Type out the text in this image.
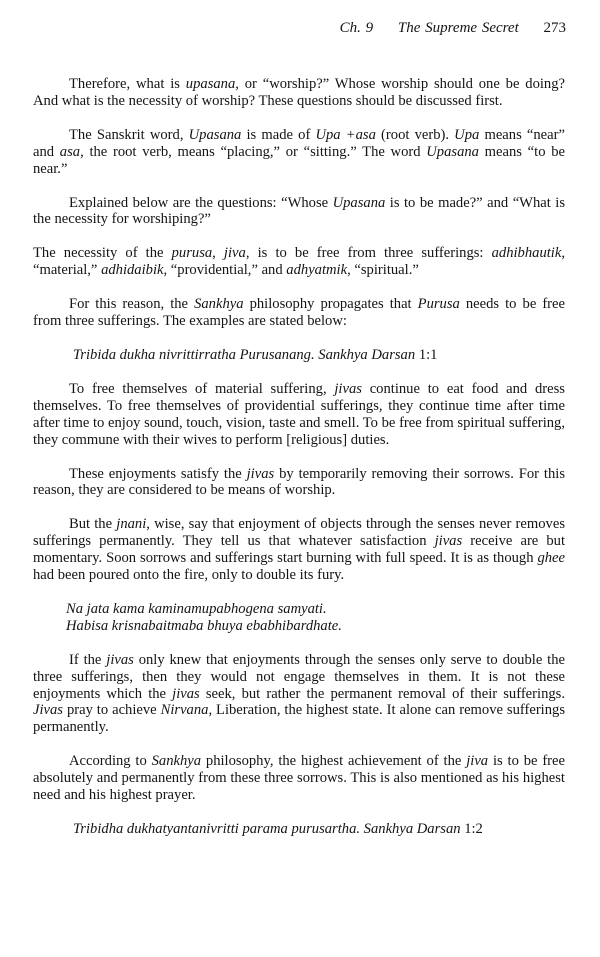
Ch. 9 The Supreme Secret 273

Therefore, what is upasana, or “worship?” Whose worship should one be doing? And what is the necessity of worship? These questions should be discussed first.

The Sanskrit word, Upasana is made of Upa +asa (root verb). Upa means “near” and asa, the root verb, means “placing,” or “sitting.” The word Upasana means “to be near.”

Explained below are the questions: “Whose Upasana is to be made?” and “What is the necessity for worshiping?”

The necessity of the purusa, jiva, is to be free from three sufferings: adhibhautik, “material,” adhidaibik, “providential,” and adhyatmik, “spiritual.”

For this reason, the Sankhya philosophy propagates that Purusa needs to be free from three sufferings. The examples are stated below:

Tribida dukha nivrittirratha Purusanang. Sankhya Darsan 1:1

To free themselves of material suffering, jivas continue to eat food and dress themselves. To free themselves of providential sufferings, they continue time after time after time to enjoy sound, touch, vision, taste and smell. To be free from spiritual suffering, they commune with their wives to perform [religious] duties.

These enjoyments satisfy the jivas by temporarily removing their sorrows. For this reason, they are considered to be means of worship.

But the jnani, wise, say that enjoyment of objects through the senses never removes sufferings permanently. They tell us that whatever satisfaction jivas receive are but momentary. Soon sorrows and sufferings start burning with full speed. It is as though ghee had been poured onto the fire, only to double its fury.

Na jata kama kaminamupabhogena samyati.
Habisa krisnabaitmaba bhuya ebabhibardhate.

If the jivas only knew that enjoyments through the senses only serve to double the three sufferings, then they would not engage themselves in them. It is not these enjoyments which the jivas seek, but rather the permanent removal of their sufferings. Jivas pray to achieve Nirvana, Liberation, the highest state. It alone can remove sufferings permanently.

According to Sankhya philosophy, the highest achievement of the jiva is to be free absolutely and permanently from these three sorrows. This is also mentioned as his highest need and his highest prayer.

Tribidha dukhatyantanivritti parama purusartha. Sankhya Darsan 1:2
